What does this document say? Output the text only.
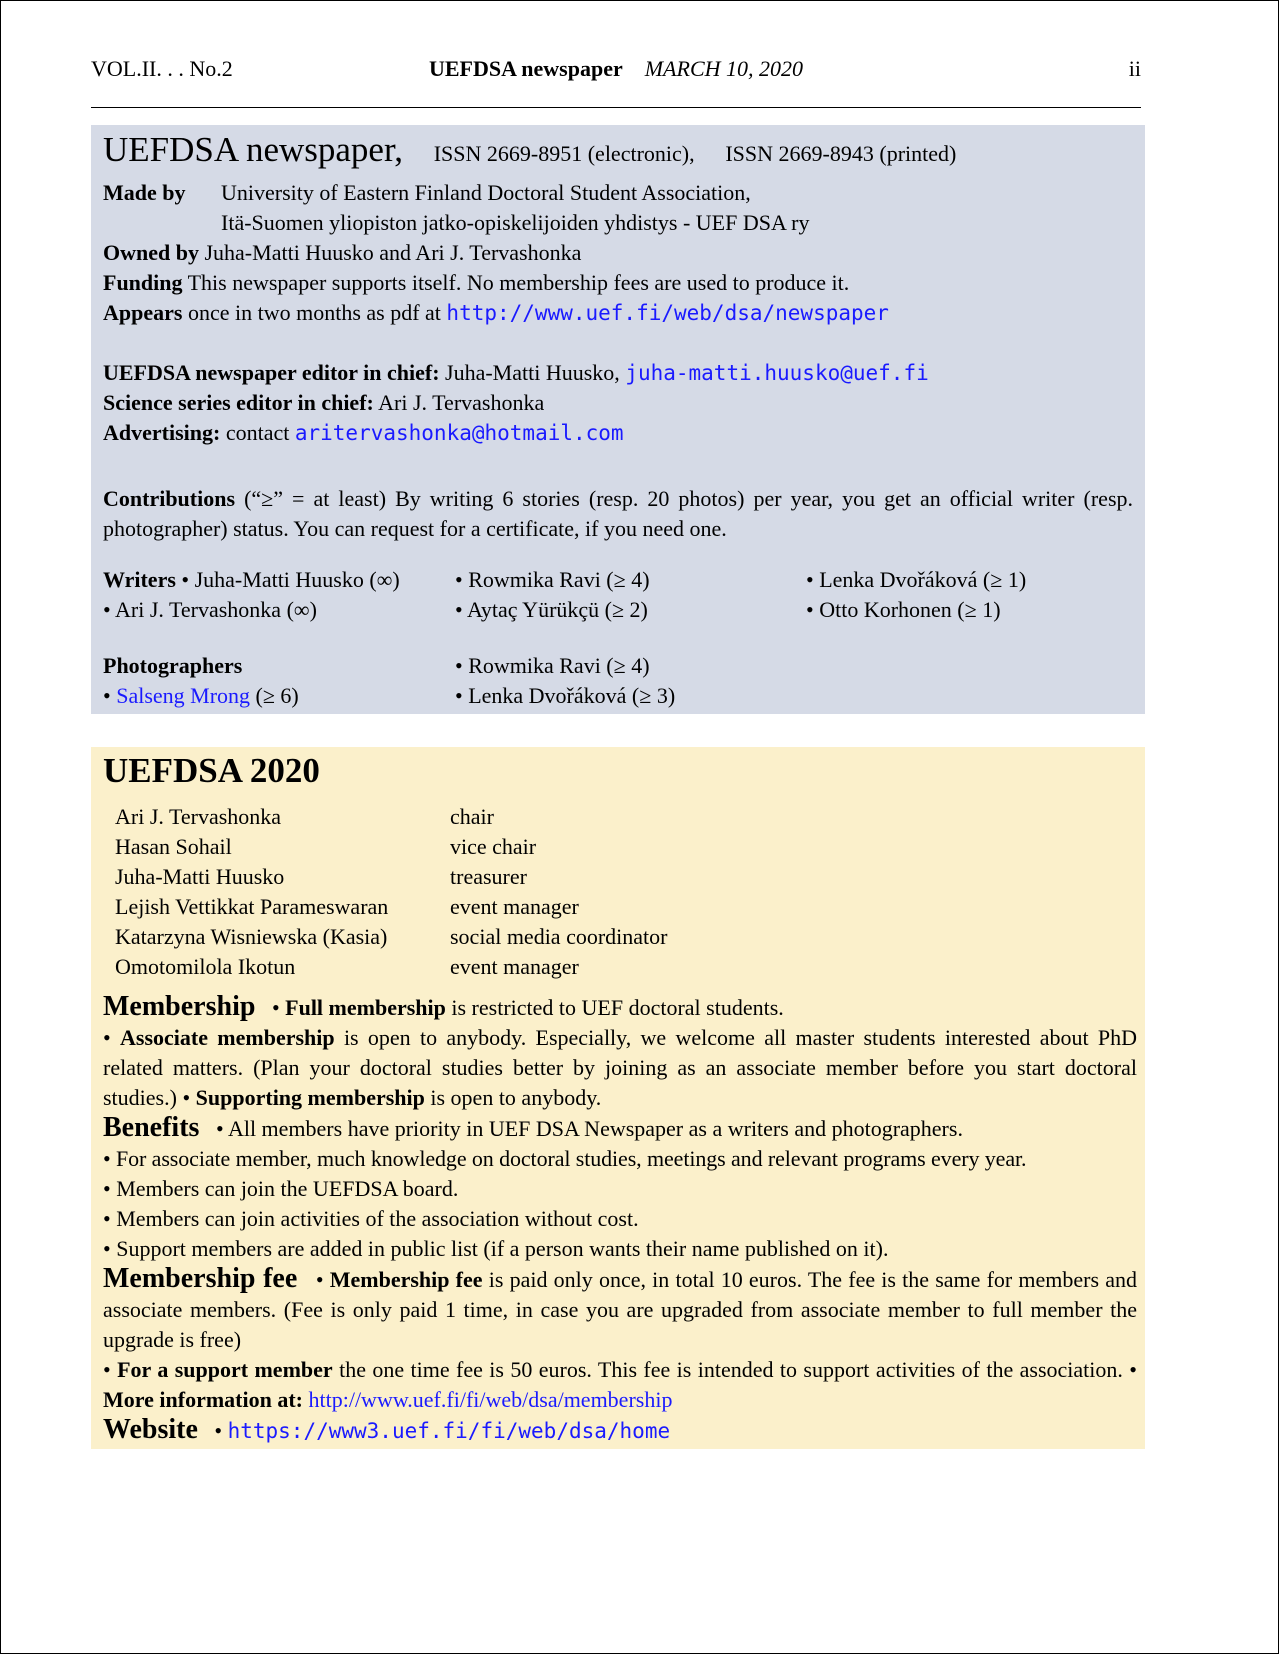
VOL.II. . . No.2	UEFDSA newspaper MARCH 10, 2020	ii
UEFDSA newspaper, ISSN 2669-8951 (electronic), ISSN 2669-8943 (printed)
Made by University of Eastern Finland Doctoral Student Association,
Itä-Suomen yliopiston jatko-opiskelijoiden yhdistys - UEF DSA ry
Owned by Juha-Matti Huusko and Ari J. Tervashonka
Funding This newspaper supports itself. No membership fees are used to produce it.
Appears once in two months as pdf at http://www.uef.fi/web/dsa/newspaper
UEFDSA newspaper editor in chief: Juha-Matti Huusko, juha-matti.huusko@uef.fi
Science series editor in chief: Ari J. Tervashonka
Advertising: contact aritervashonka@hotmail.com
Contributions (“≥” = at least) By writing 6 stories (resp. 20 photos) per year, you get an official writer (resp. photographer) status. You can request for a certificate, if you need one.
Writers • Juha-Matti Huusko (∞)	• Rowmika Ravi (≥ 4)	• Lenka Dvořáková (≥ 1)
• Ari J. Tervashonka (∞)	• Aytaç Yürükçü (≥ 2)	• Otto Korhonen (≥ 1)
Photographers	• Rowmika Ravi (≥ 4)
• Salseng Mrong (≥ 6)	• Lenka Dvořáková (≥ 3)
UEFDSA 2020
Ari J. Tervashonka	chair
Hasan Sohail	vice chair
Juha-Matti Huusko	treasurer
Lejish Vettikkat Parameswaran	event manager
Katarzyna Wisniewska (Kasia)	social media coordinator
Omotomilola Ikotun	event manager
Membership   • Full membership is restricted to UEF doctoral students.
• Associate membership is open to anybody. Especially, we welcome all master students interested about PhD related matters. (Plan your doctoral studies better by joining as an associate member before you start doctoral studies.) • Supporting membership is open to anybody.
Benefits   • All members have priority in UEF DSA Newspaper as a writers and photographers.
• For associate member, much knowledge on doctoral studies, meetings and relevant programs every year.
• Members can join the UEFDSA board.
• Members can join activities of the association without cost.
• Support members are added in public list (if a person wants their name published on it).
Membership fee   • Membership fee is paid only once, in total 10 euros. The fee is the same for members and associate members. (Fee is only paid 1 time, in case you are upgraded from associate member to full member the upgrade is free)
• For a support member the one time fee is 50 euros. This fee is intended to support activities of the association. • More information at: http://www.uef.fi/fi/web/dsa/membership
Website   • https://www3.uef.fi/fi/web/dsa/home
